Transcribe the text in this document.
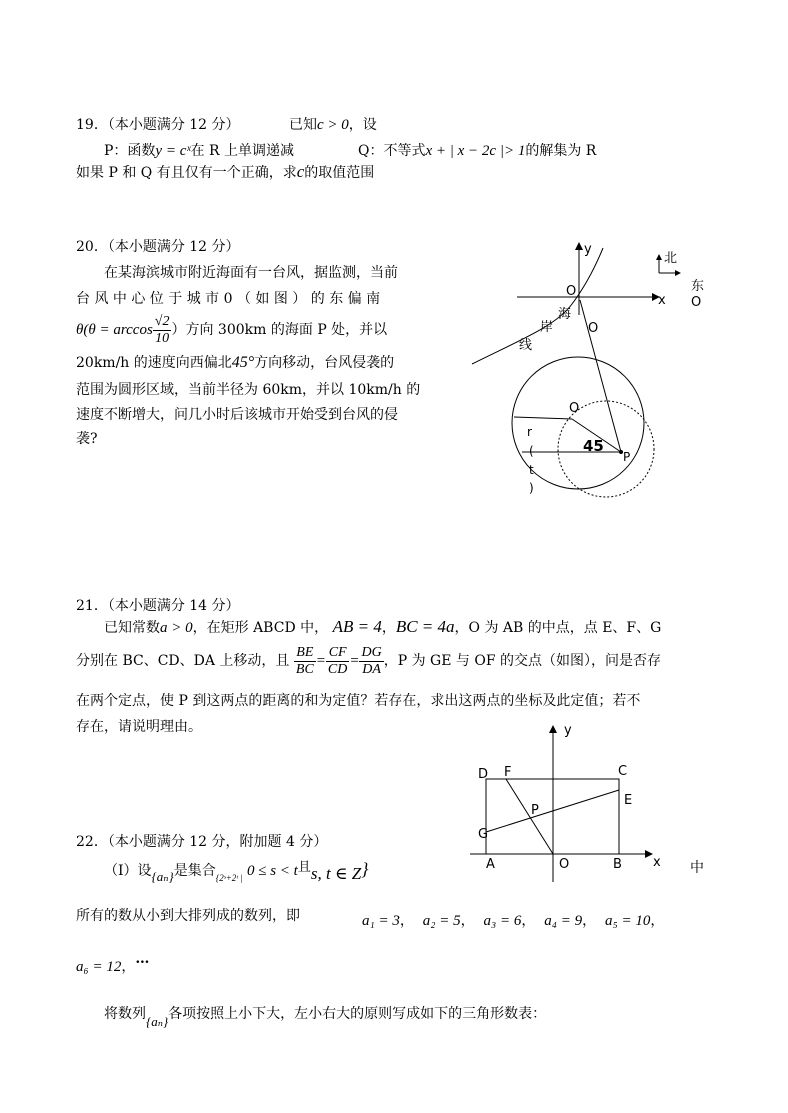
19．（本小题满分 12 分）	已知c > 0，设
P：函数y = cˣ在 R 上单调递减	Q：不等式x + | x − 2c |> 1的解集为 R
如果 P 和 Q 有且仅有一个正确，求c的取值范围
20．（本小题满分 12 分）
在某海滨城市附近海面有一台风，据监测，当前
台 风 中 心 位 于 城 市 0 （ 如 图 ） 的 东 偏 南
$\theta(\theta = \arccos \frac{√2}{10}$ ）方向 300km 的海面 P 处，并以
20km/h 的速度向西偏北45°方向移动，台风侵袭的
范围为圆形区域，当前半径为 60km，并以 10km/h 的
速度不断增大，问几小时后该城市开始受到台风的侵
袭?
y
x
北
东
O
O
海
O
岸
线
O
r
(
t
)
45
P
21．（本小题满分 14 分）
已知常数a > 0，在矩形 ABCD 中， AB = 4，BC = 4a，O 为 AB 的中点，点 E、F、G
分别在 BC、CD、DA 上移动，且 $\frac{BE}{BC} = \frac{CF}{CD} = \frac{DG}{DA}$ ，P 为 GE 与 OF 的交点（如图），问是否存
在两个定点，使 P 到这两点的距离的和为定值？若存在，求出这两点的坐标及此定值；若不
存在，请说明理由。	y
x
D F	C
E
P
G
A	O	B
22．（本小题满分 12 分，附加题 4 分）
（Ⅰ）设{aₙ}是集合$_{\{2ˢ+2ᵗ |}$ 0 ≤ s < t且s, t ∈ Z}	中
所有的数从小到大排列成的数列，即	a₁ = 3， a₂ = 5， a₃ = 6， a₄ = 9， a₅ = 10，
a₆ = 12，…
将数列{aₙ}各项按照上小下大，左小右大的原则写成如下的三角形数表：
